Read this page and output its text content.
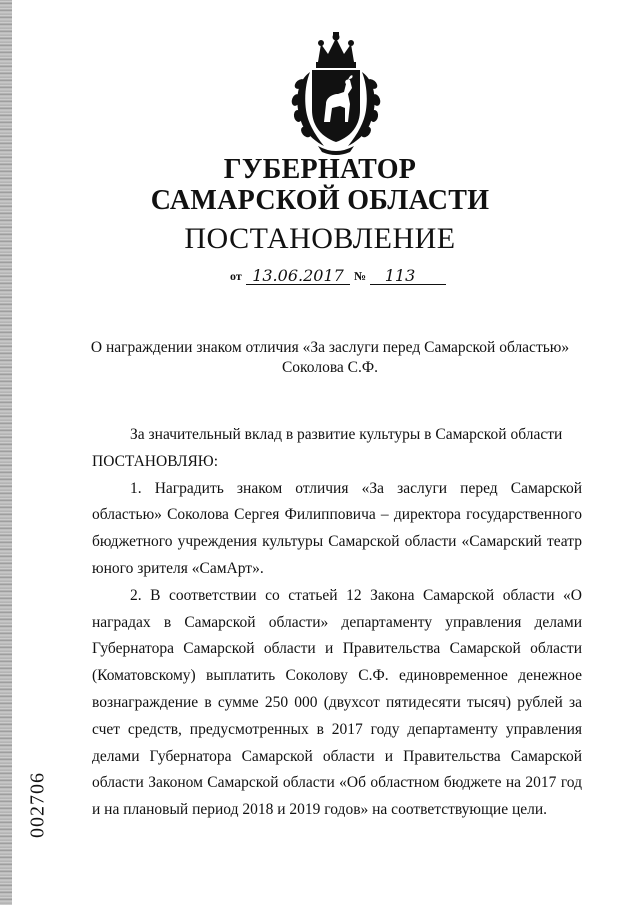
ГУБЕРНАТОР
САМАРСКОЙ ОБЛАСТИ
ПОСТАНОВЛЕНИЕ
от 13.06.2017 №	113
О награждении знаком отличия «За заслуги перед Самарской областью»
Соколова С.Ф.

За значительный вклад в развитие культуры в Самарской области

ПОСТАНОВЛЯЮ:

1. Наградить знаком отличия «За заслуги перед Самарской областью» Соколова Сергея Филипповича – директора государственного бюджетного учреждения культуры Самарской области «Самарский театр юного зрителя «СамАрт».

2. В соответствии со статьей 12 Закона Самарской области «О наградах в Самарской области» департаменту управления делами Губернатора Самарской области и Правительства Самарской области (Коматовскому) выплатить Соколову С.Ф. единовременное денежное вознаграждение в сумме 250 000 (двухсот пятидесяти тысяч) рублей за счет средств, предусмотренных в 2017 году департаменту управления делами Губернатора Самарской области и Правительства Самарской области Законом Самарской области «Об областном бюджете на 2017 год и на плановый период 2018 и 2019 годов» на соответствующие цели.

002706
